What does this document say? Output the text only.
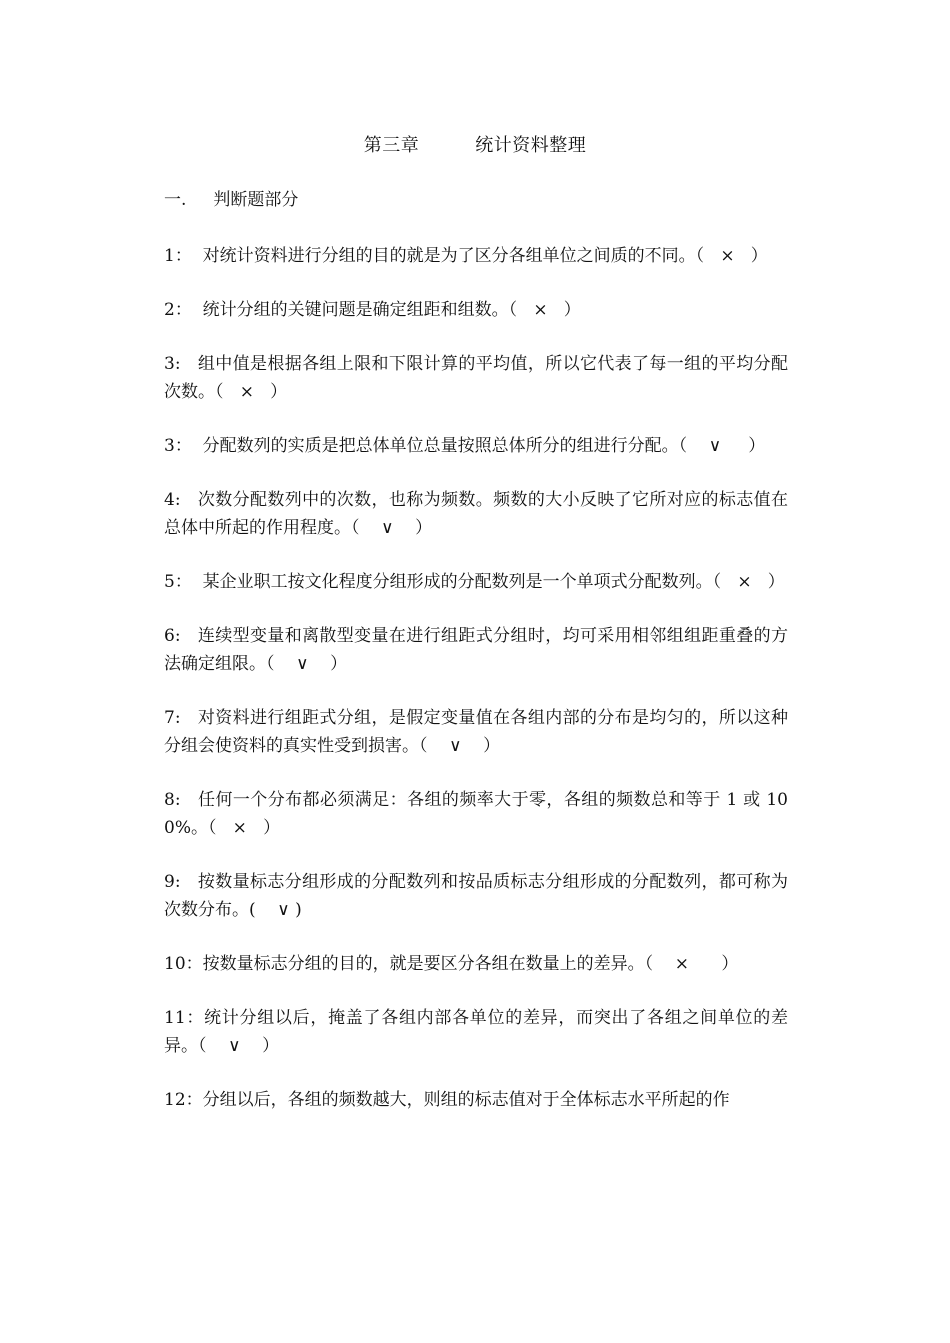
第三章         统计资料整理
一.     判断题部分

1：  对统计资料进行分组的目的就是为了区分各组单位之间质的不同。（   ×   ）

2：  统计分组的关键问题是确定组距和组数。（   ×   ）

3:   组中值是根据各组上限和下限计算的平均值，所以它代表了每一组的平均分配次数。（   ×   ）

3：  分配数列的实质是把总体单位总量按照总体所分的组进行分配。（    ∨     ）

4:   次数分配数列中的次数，也称为频数。频数的大小反映了它所对应的标志值在总体中所起的作用程度。（    ∨    ）

5：  某企业职工按文化程度分组形成的分配数列是一个单项式分配数列。（   ×   ）

6:   连续型变量和离散型变量在进行组距式分组时，均可采用相邻组组距重叠的方法确定组限。（    ∨    ）

7:   对资料进行组距式分组，是假定变量值在各组内部的分布是均匀的，所以这种分组会使资料的真实性受到损害。（    ∨    ）

8:   任何一个分布都必须满足：各组的频率大于零，各组的频数总和等于 1 或 100%。（   ×   ）

9:   按数量标志分组形成的分配数列和按品质标志分组形成的分配数列，都可称为次数分布。(    ∨ )

10：按数量标志分组的目的，就是要区分各组在数量上的差异。（    ×      ）

11：统计分组以后，掩盖了各组内部各单位的差异，而突出了各组之间单位的差异。（    ∨    ）

12：分组以后，各组的频数越大，则组的标志值对于全体标志水平所起的作
